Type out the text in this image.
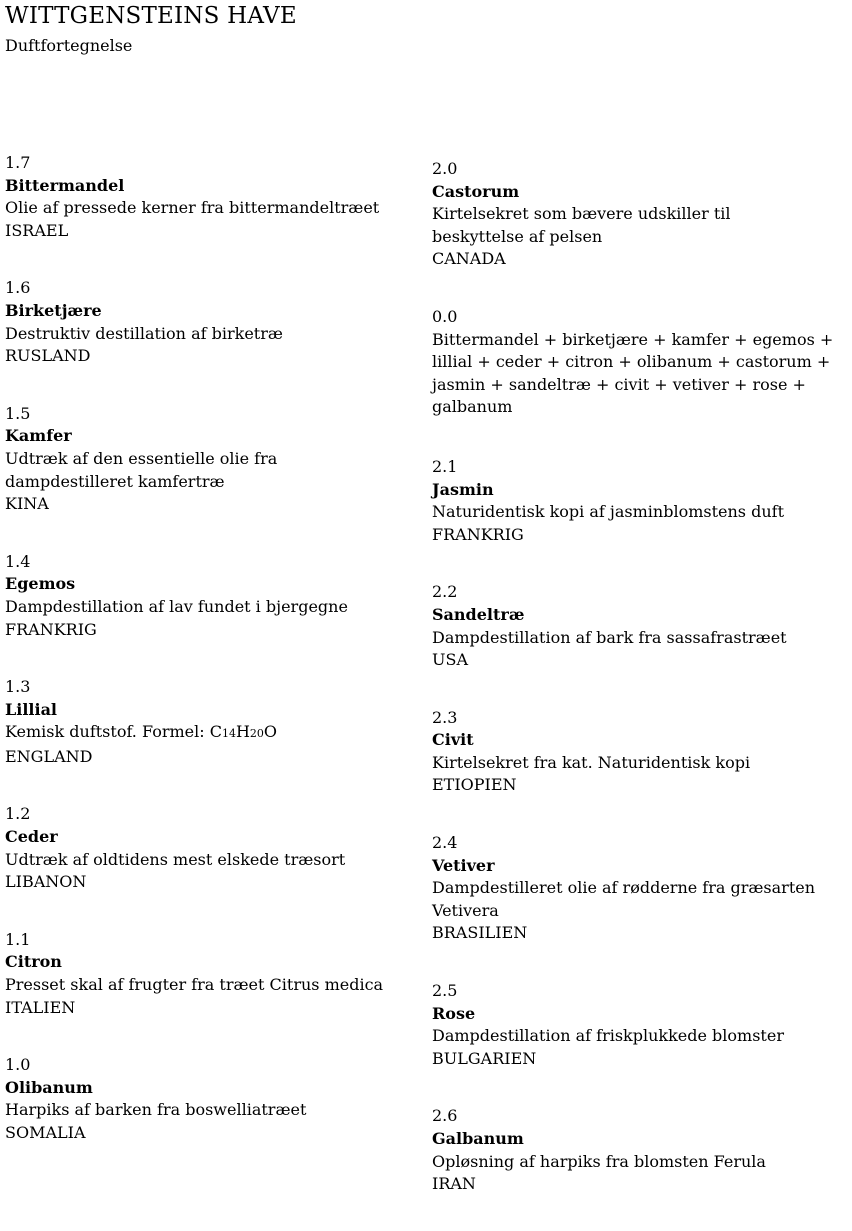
WITTGENSTEINS HAVE
Duftfortegnelse
1.7
Bittermandel
Olie af pressede kerner fra bittermandeltræet
ISRAEL
1.6
Birketjære
Destruktiv destillation af birketræ
RUSLAND
1.5
Kamfer
Udtræk af den essentielle olie fra dampdestilleret kamfertræ
KINA
1.4
Egemos
Dampdestillation af lav fundet i bjergegne
FRANKRIG
1.3
Lillial
Kemisk duftstof. Formel: C14H20O
ENGLAND
1.2
Ceder
Udtræk af oldtidens mest elskede træsort
LIBANON
1.1
Citron
Presset skal af frugter fra træet Citrus medica
ITALIEN
1.0
Olibanum
Harpiks af barken fra boswelliatræet
SOMALIA
2.0
Castorum
Kirtelsekret som bævere udskiller til beskyttelse af pelsen
CANADA
0.0
Bittermandel + birketjære + kamfer + egemos + lillial + ceder + citron + olibanum + castorum + jasmin + sandeltræ + civit + vetiver + rose + galbanum
2.1
Jasmin
Naturidentisk kopi af jasminblomstens duft
FRANKRIG
2.2
Sandeltræ
Dampdestillation af bark fra sassafrastræet
USA
2.3
Civit
Kirtelsekret fra kat. Naturidentisk kopi
ETIOPIEN
2.4
Vetiver
Dampdestilleret olie af rødderne fra græsarten Vetivera
BRASILIEN
2.5
Rose
Dampdestillation af friskplukkede blomster
BULGARIEN
2.6
Galbanum
Opløsning af harpiks fra blomsten Ferula
IRAN
